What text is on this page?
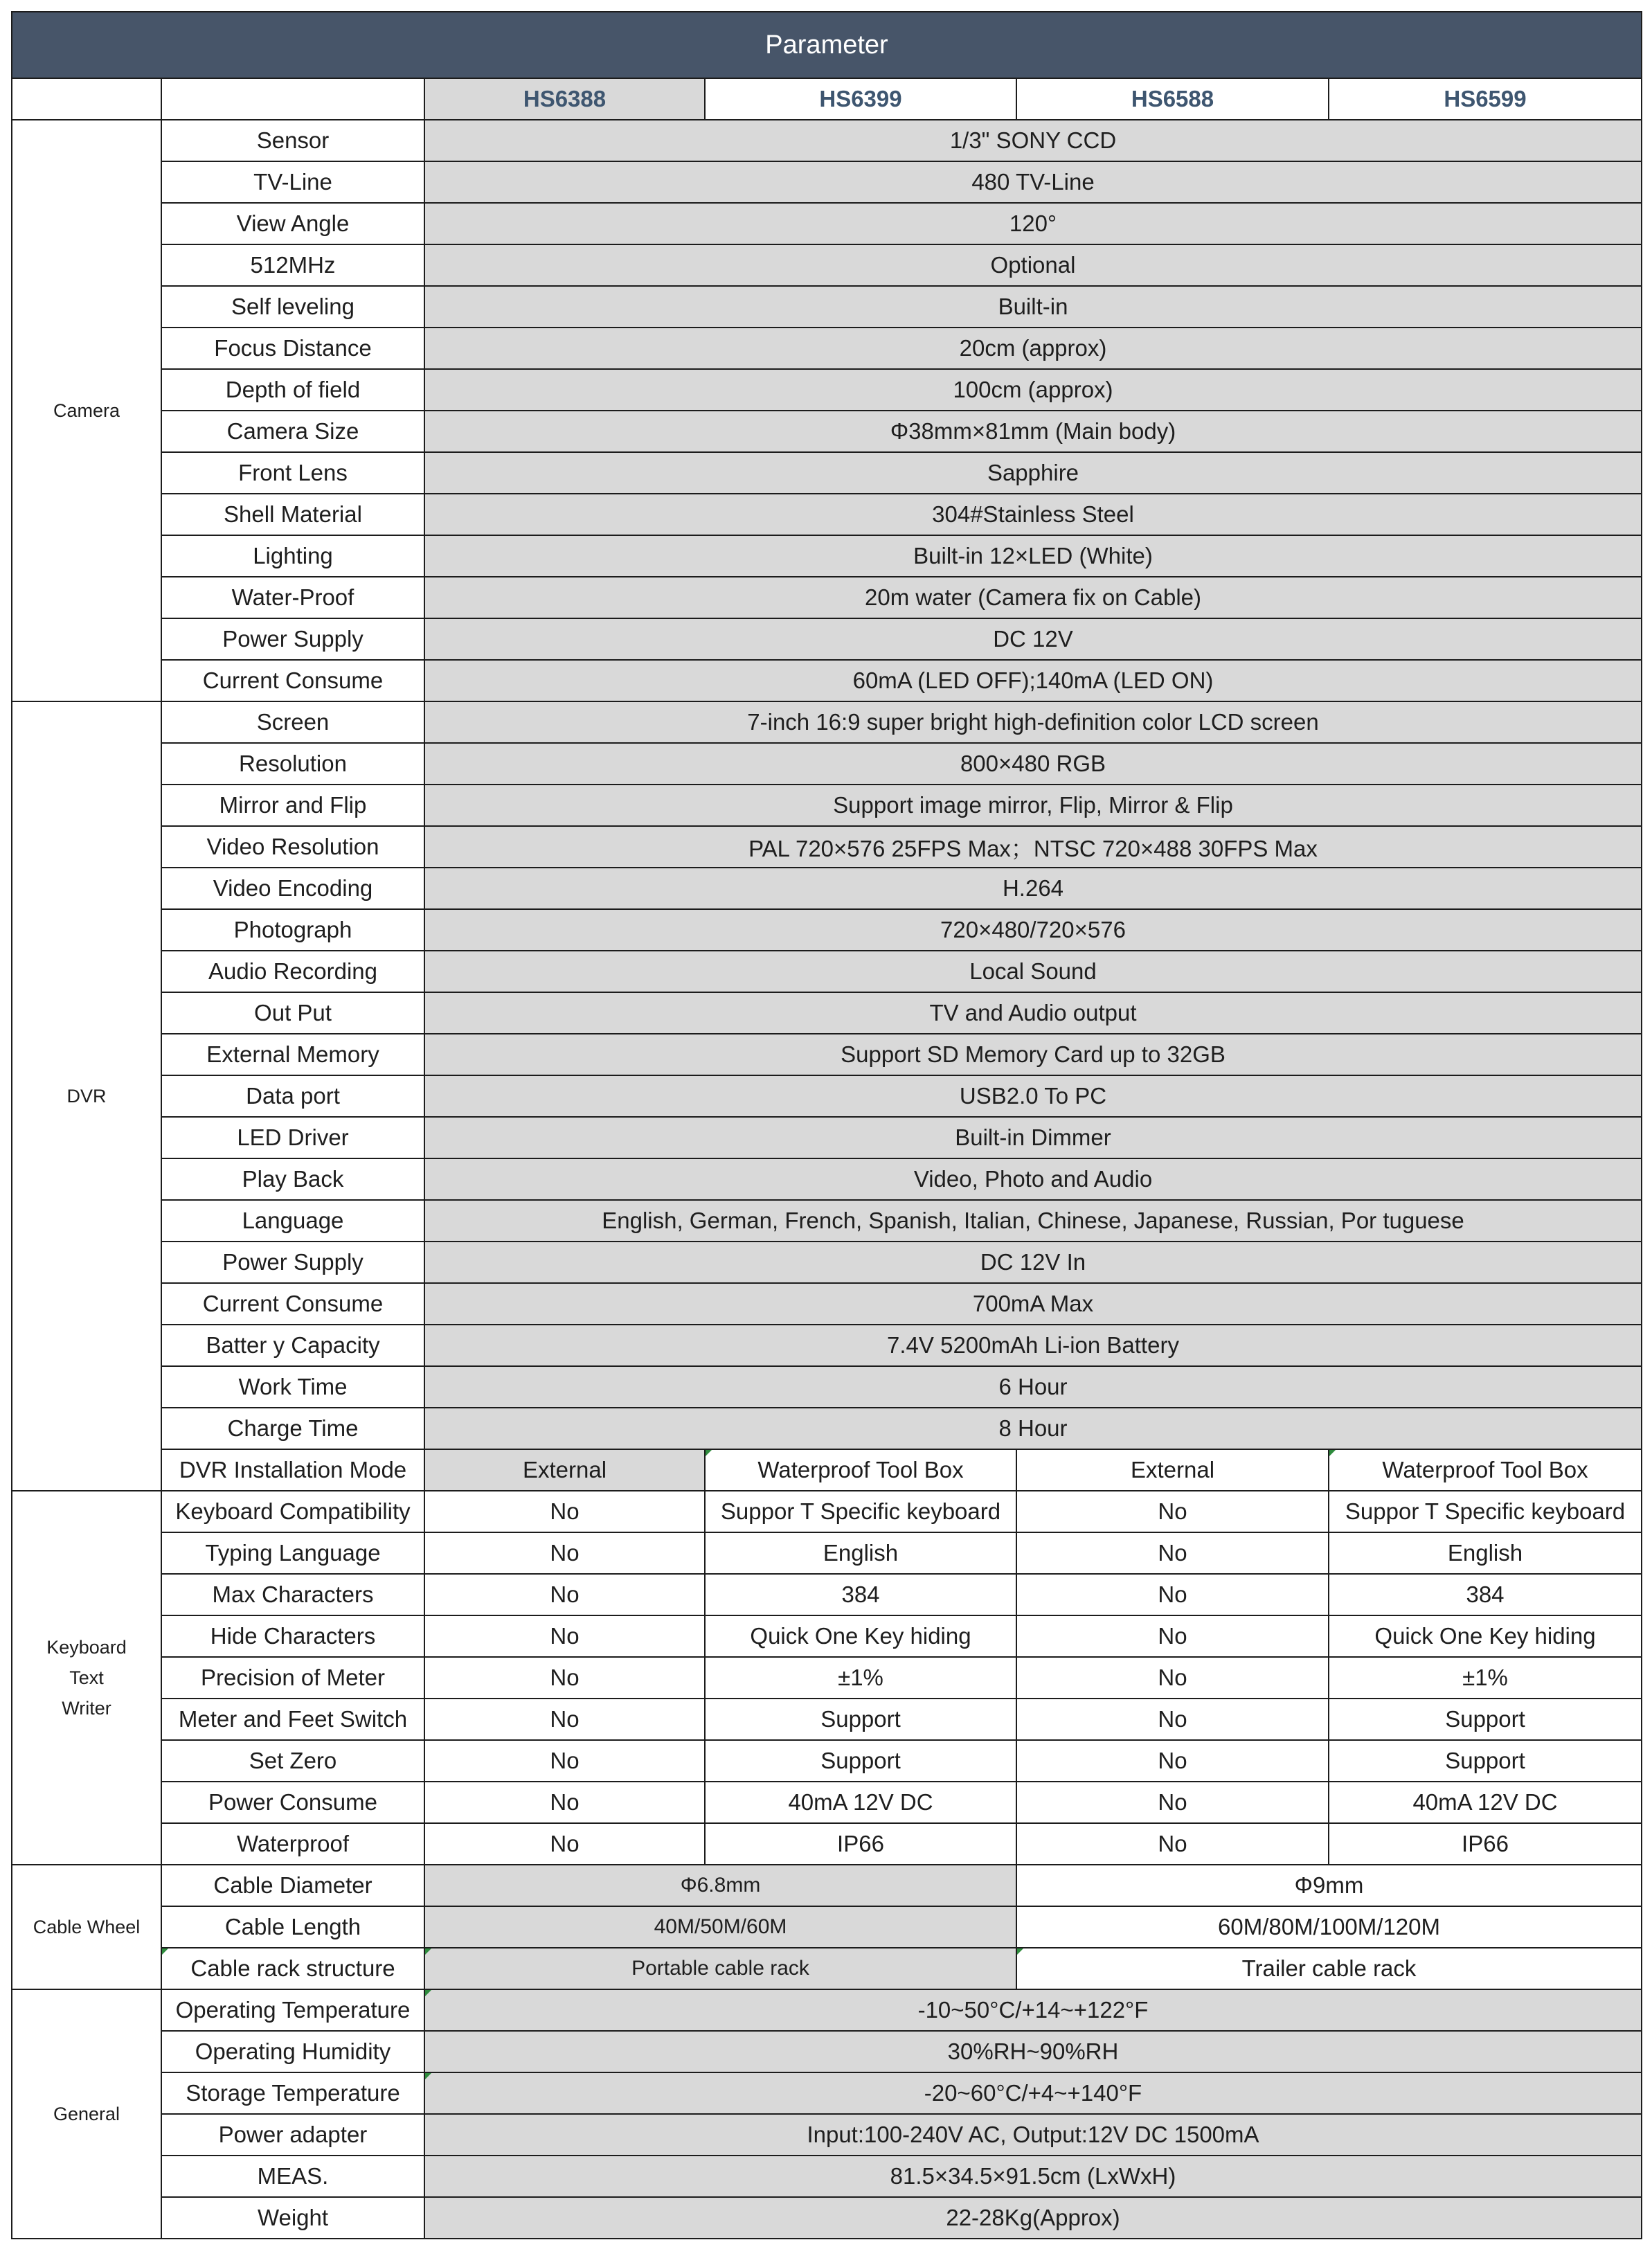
Parameter					
		HS6388	HS6399	HS6588	HS6599
Camera	Sensor	1/3" SONY CCD			
	TV-Line	480 TV-Line			
	View Angle	120°			
	512MHz	Optional			
	Self leveling	Built-in			
	Focus Distance	20cm (approx)			
	Depth of field	100cm (approx)			
	Camera Size	Φ38mm×81mm (Main body)			
	Front Lens	Sapphire			
	Shell Material	304#Stainless Steel			
	Lighting	Built-in 12×LED (White)			
	Water-Proof	20m water (Camera fix on Cable)			
	Power Supply	DC 12V			
	Current Consume	60mA (LED OFF);140mA (LED ON)			
DVR	Screen	7-inch 16:9 super bright high-definition color LCD screen			
	Resolution	800×480 RGB			
	Mirror and Flip	Support image mirror, Flip, Mirror & Flip			
	Video Resolution	PAL 720×576 25FPS Max；NTSC 720×488 30FPS Max			
	Video Encoding	H.264			
	Photograph	720×480/720×576			
	Audio Recording	Local Sound			
	Out Put	TV and Audio output			
	External Memory	Support SD Memory Card up to 32GB			
	Data port	USB2.0 To PC			
	LED Driver	Built-in Dimmer			
	Play Back	Video, Photo and Audio			
	Language	English, German, French, Spanish, Italian, Chinese, Japanese, Russian, Por tuguese			
	Power Supply	DC 12V In			
	Current Consume	700mA Max			
	Batter y Capacity	7.4V 5200mAh Li-ion Battery			
	Work Time	6 Hour			
	Charge Time	8 Hour			
	DVR Installation Mode	External	Waterproof Tool Box	External	Waterproof Tool Box

Keyboard
Text
Writer	Keyboard Compatibility	No	Suppor T Specific keyboard	No	Suppor T Specific keyboard
	Typing Language	No	English	No	English
	Max Characters	No	384	No	384
	Hide Characters	No	Quick One Key hiding	No	Quick One Key hiding
	Precision of Meter	No	±1%	No	±1%
	Meter and Feet Switch	No	Support	No	Support
	Set Zero	No	Support	No	Support
	Power Consume	No	40mA 12V DC	No	40mA 12V DC
	Waterproof	No	IP66	No	IP66
Cable Wheel	Cable Diameter	Φ6.8mm		Φ9mm	
	Cable Length	40M/50M/60M		60M/80M/100M/120M	
	Cable rack structure	Portable cable rack		Trailer cable rack	
General	Operating Temperature	-10~50°C/+14~+122°F			
	Operating Humidity	30%RH~90%RH			
	Storage Temperature	-20~60°C/+4~+140°F			
	Power adapter	Input:100-240V AC, Output:12V DC 1500mA			
	MEAS.	81.5×34.5×91.5cm (LxWxH)			
	Weight	22-28Kg(Approx)			
